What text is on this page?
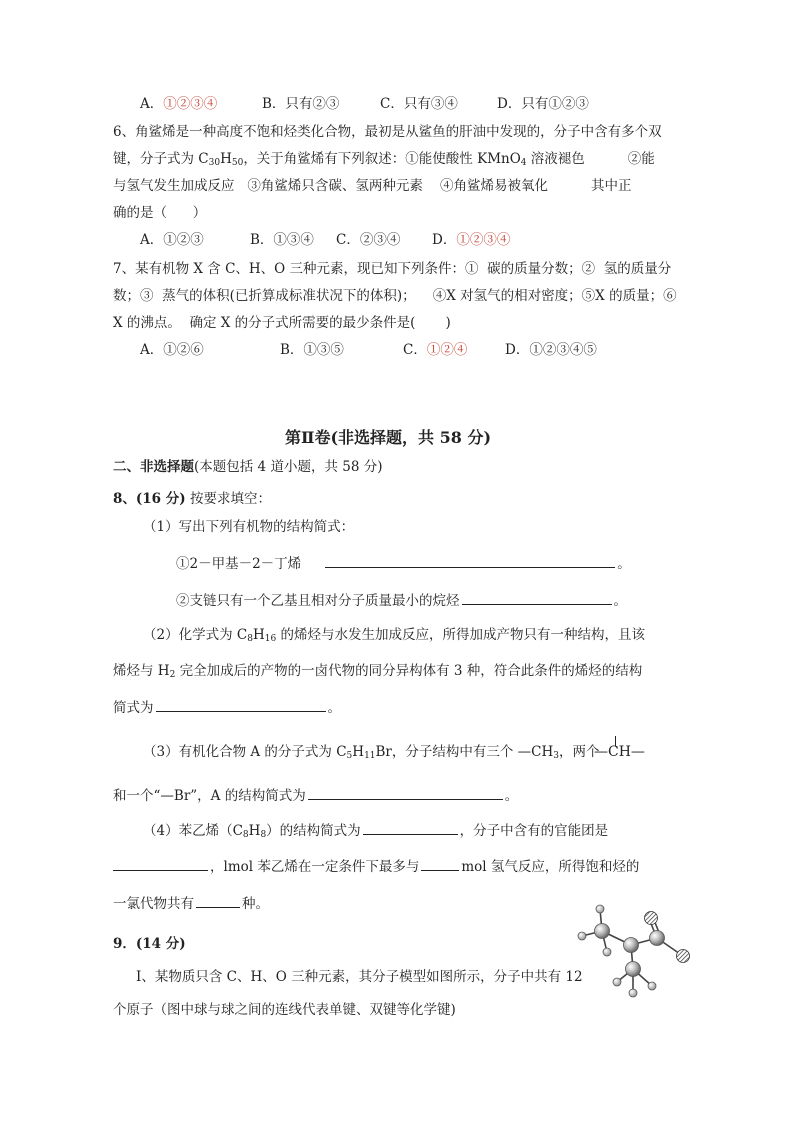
A．①②③④	B．只有②③	C．只有③④	D．只有①②③
6、角鲨烯是一种高度不饱和烃类化合物，最初是从鲨鱼的肝油中发现的，分子中含有多个双
键，分子式为 $C_{30}H_{50}$，关于角鲨烯有下列叙述：①能使酸性 KMnO$_4$ 溶液褪色          ②能
与氢气发生加成反应   ③角鲨烯只含碳、氢两种元素    ④角鲨烯易被氧化          其中正
确的是（      ）
A．①②③	B．①③④ C．②③④ D．①②③④
7、某有机物 X 含 C、H、O 三种元素，现已知下列条件：①  碳的质量分数；②  氢的质量分
数；③  蒸气的体积(已折算成标准状况下的体积)；    ④X 对氢气的相对密度；⑤X 的质量；⑥
X 的沸点。  确定 X 的分子式所需要的最少条件是(       )
A．①②⑥	B．①③⑤	C．①②④	D．①②③④⑤
第Ⅱ卷(非选择题，共 58 分)
二、非选择题(本题包括 4 道小题，共 58 分)
8、(16 分) 按要求填空：
（1）写出下列有机物的结构简式：
①2－甲基－2－丁烯	。
②支链只有一个乙基且相对分子质量最小的烷烃	。
（2）化学式为 $C_8H_{16}$ 的烯烃与水发生加成反应，所得加成产物只有一种结构，且该
烯烃与 $H_2$ 完全加成后的产物的一卤代物的同分异构体有 3 种，符合此条件的烯烃的结构
简式为	。
（3）有机化合物 A 的分子式为 $C_5H_{11}Br$，分子结构中有三个 $—CH_3$，两个
—CH—
和一个“—Br”，A 的结构简式为	。
（4）苯乙烯$(C_8H_8)$的结构简式为	，分子中含有的官能团是
，lmol 苯乙烯在一定条件下最多与	mol 氢气反应，所得饱和烃的
一氯代物共有	种。
9．(14 分)
Ⅰ、某物质只含 C、H、O 三种元素，其分子模型如图所示，分子中共有 12
个原子（图中球与球之间的连线代表单键、双键等化学键)
